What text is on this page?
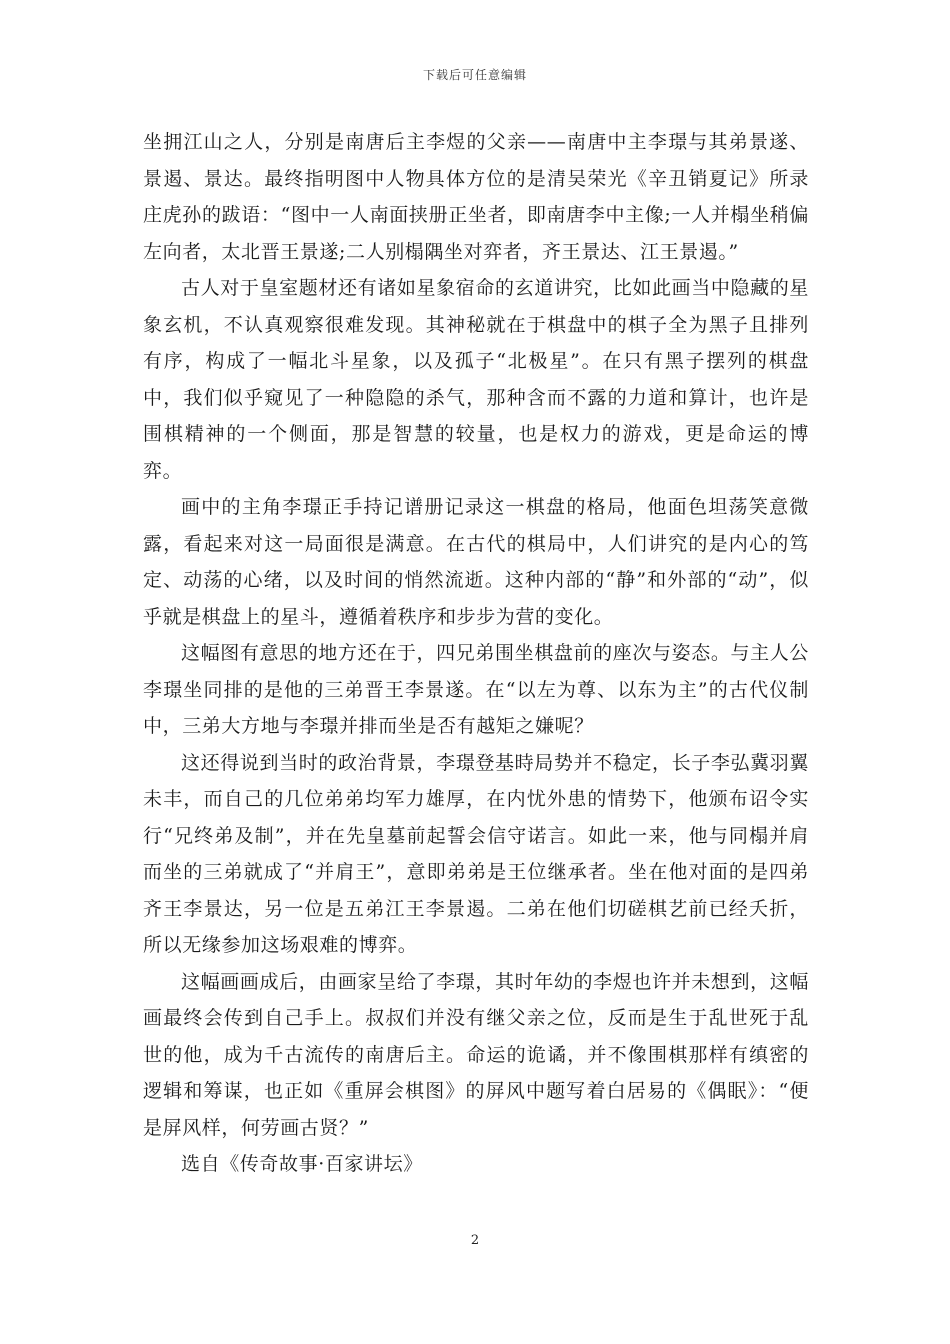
下载后可任意编辑

坐拥江山之人，分别是南唐后主李煜的父亲——南唐中主李璟与其弟景遂、景遏、景达。最终指明图中人物具体方位的是清吴荣光《辛丑销夏记》所录庄虎孙的跋语：“图中一人南面挟册正坐者，即南唐李中主像;一人并榻坐稍偏左向者，太北晋王景遂;二人别榻隅坐对弈者，齐王景达、江王景遏。”

古人对于皇室题材还有诸如星象宿命的玄道讲究，比如此画当中隐藏的星象玄机，不认真观察很难发现。其神秘就在于棋盘中的棋子全为黑子且排列有序，构成了一幅北斗星象，以及孤子“北极星”。在只有黑子摆列的棋盘中，我们似乎窥见了一种隐隐的杀气，那种含而不露的力道和算计，也许是围棋精神的一个侧面，那是智慧的较量，也是权力的游戏，更是命运的博弈。

画中的主角李璟正手持记谱册记录这一棋盘的格局，他面色坦荡笑意微露，看起来对这一局面很是满意。在古代的棋局中，人们讲究的是内心的笃定、动荡的心绪，以及时间的悄然流逝。这种内部的“静”和外部的“动”，似乎就是棋盘上的星斗，遵循着秩序和步步为营的变化。

这幅图有意思的地方还在于，四兄弟围坐棋盘前的座次与姿态。与主人公李璟坐同排的是他的三弟晋王李景遂。在“以左为尊、以东为主”的古代仪制中，三弟大方地与李璟并排而坐是否有越矩之嫌呢？

这还得说到当时的政治背景，李璟登基時局势并不稳定，长子李弘冀羽翼未丰，而自己的几位弟弟均军力雄厚，在内忧外患的情势下，他颁布诏令实行“兄终弟及制”，并在先皇墓前起誓会信守诺言。如此一来，他与同榻并肩而坐的三弟就成了“并肩王”，意即弟弟是王位继承者。坐在他对面的是四弟齐王李景达，另一位是五弟江王李景遏。二弟在他们切磋棋艺前已经夭折，所以无缘参加这场艰难的博弈。

这幅画画成后，由画家呈给了李璟，其时年幼的李煜也许并未想到，这幅画最终会传到自己手上。叔叔们并没有继父亲之位，反而是生于乱世死于乱世的他，成为千古流传的南唐后主。命运的诡谲，并不像围棋那样有缜密的逻辑和筹谋，也正如《重屏会棋图》的屏风中题写着白居易的《偶眠》：“便是屏风样，何劳画古贤？”

选自《传奇故事·百家讲坛》

2
